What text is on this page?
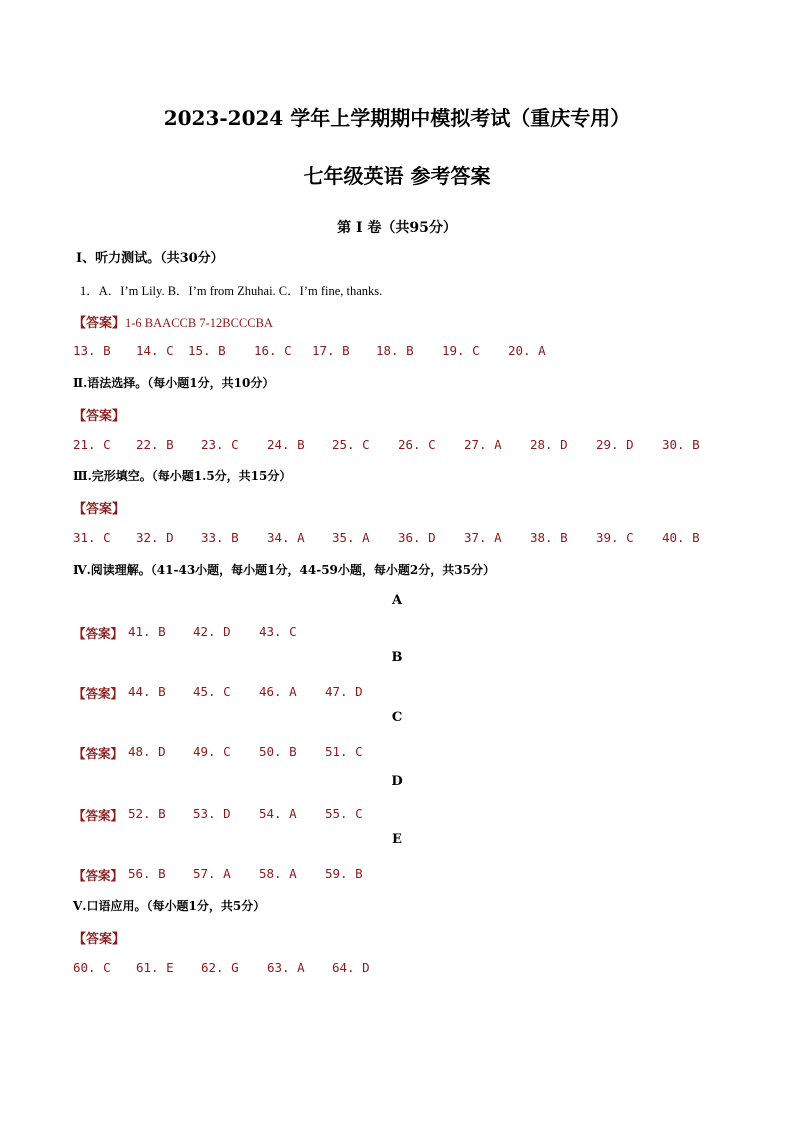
2023-2024 学年上学期期中模拟考试（重庆专用）
七年级英语 参考答案
第 I 卷（共95分）
Ⅰ、听力测试。（共30分）
1．A．I’m Lily. B．I’m from Zhuhai. C．I’m fine, thanks.
【答案】1-6 BAACCB 7-12BCCCBA
13. B 14. C 15. B 16. C 17. B 18. B 19. C 20. A
Ⅱ.语法选择。（每小题1分，共10分）
【答案】
21. C 22. B 23. C 24. B 25. C 26. C 27. A 28. D 29. D 30. B
Ⅲ.完形填空。（每小题1.5分，共15分）
【答案】
31. C 32. D 33. B 34. A 35. A 36. D 37. A 38. B 39. C 40. B
Ⅳ.阅读理解。（41-43小题，每小题1分，44-59小题，每小题2分，共35分）
A
【答案】 41. B 42. D 43. C
B
【答案】 44. B 45. C 46. A 47. D
C
【答案】 48. D 49. C 50. B 51. C
D
【答案】 52. B 53. D 54. A 55. C
E
【答案】 56. B 57. A 58. A 59. B
Ⅴ.口语应用。（每小题1分，共5分）
【答案】
60. C 61. E 62. G 63. A 64. D
